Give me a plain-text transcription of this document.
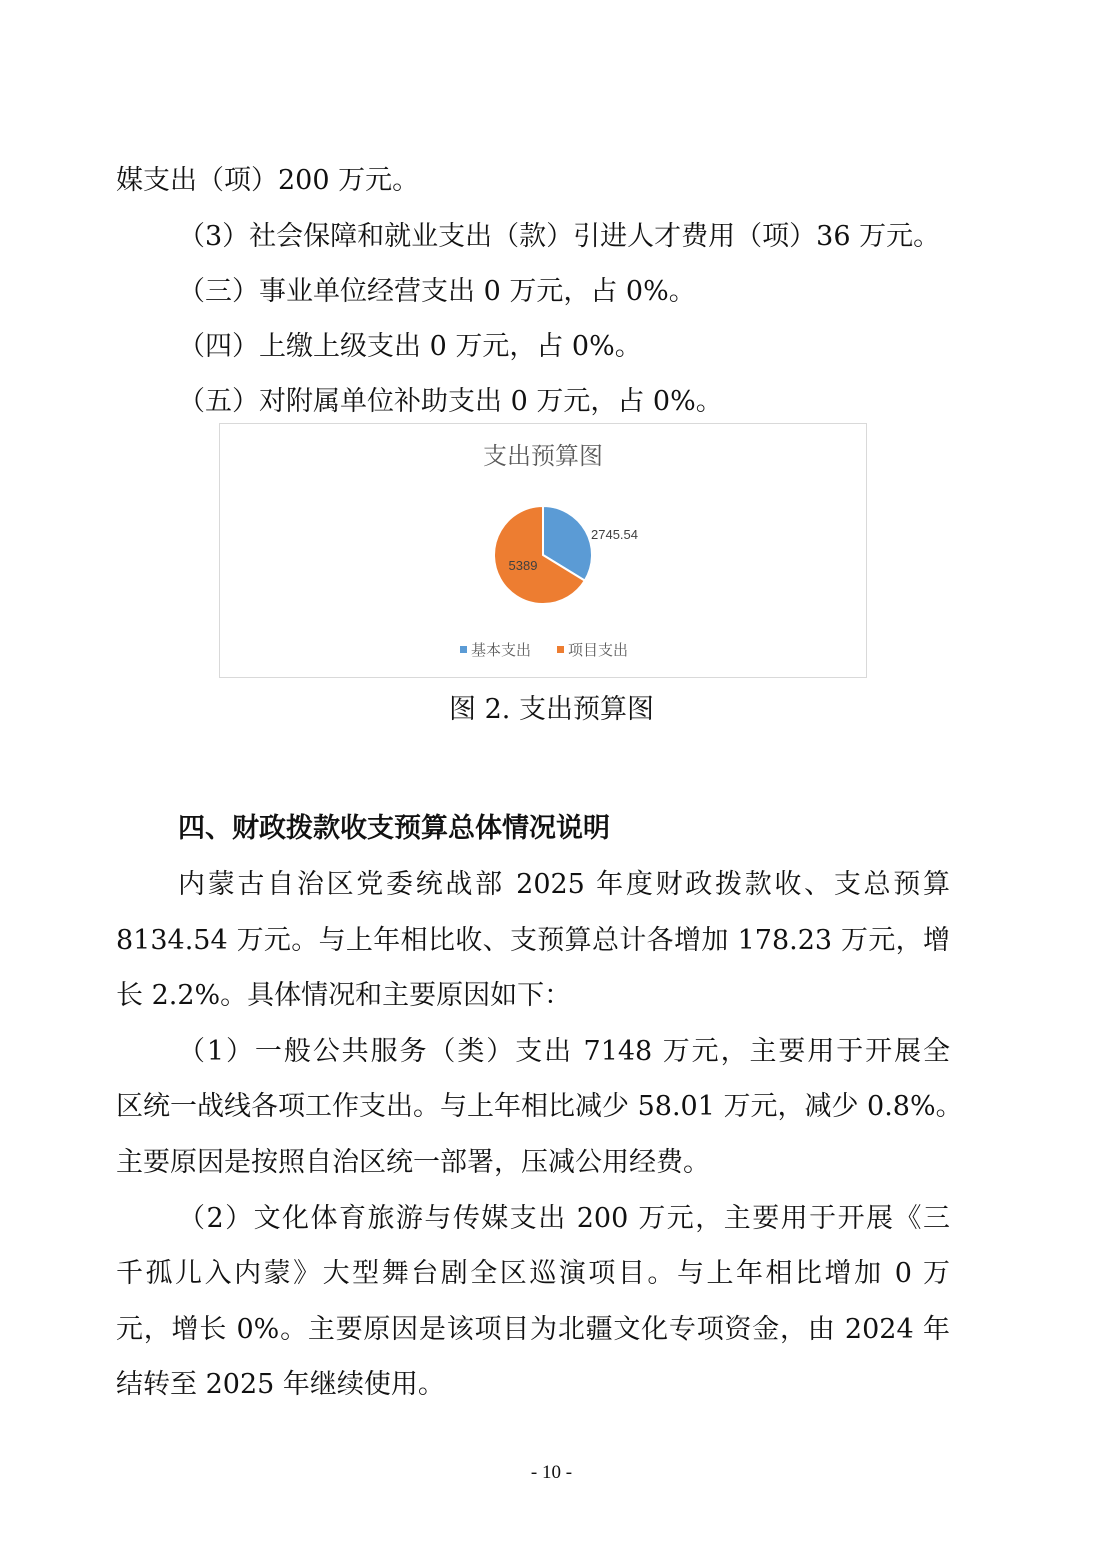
媒支出（项）200 万元。
（3）社会保障和就业支出（款）引进人才费用（项）36 万元。
（三）事业单位经营支出 0 万元，占 0%。
（四）上缴上级支出 0 万元，占 0%。
（五）对附属单位补助支出 0 万元，占 0%。
支出预算图
2745.54
5389
基本支出 项目支出
图 2. 支出预算图
四、财政拨款收支预算总体情况说明
内蒙古自治区党委统战部 2025 年度财政拨款收、支总预算
8134.54 万元。与上年相比收、支预算总计各增加 178.23 万元，增
长 2.2%。具体情况和主要原因如下：
（1）一般公共服务（类）支出 7148 万元，主要用于开展全
区统一战线各项工作支出。与上年相比减少 58.01 万元，减少 0.8%。
主要原因是按照自治区统一部署，压减公用经费。
（2）文化体育旅游与传媒支出 200 万元，主要用于开展《三
千孤儿入内蒙》大型舞台剧全区巡演项目。与上年相比增加 0 万
元，增长 0%。主要原因是该项目为北疆文化专项资金，由 2024 年
结转至 2025 年继续使用。
- 10 -
